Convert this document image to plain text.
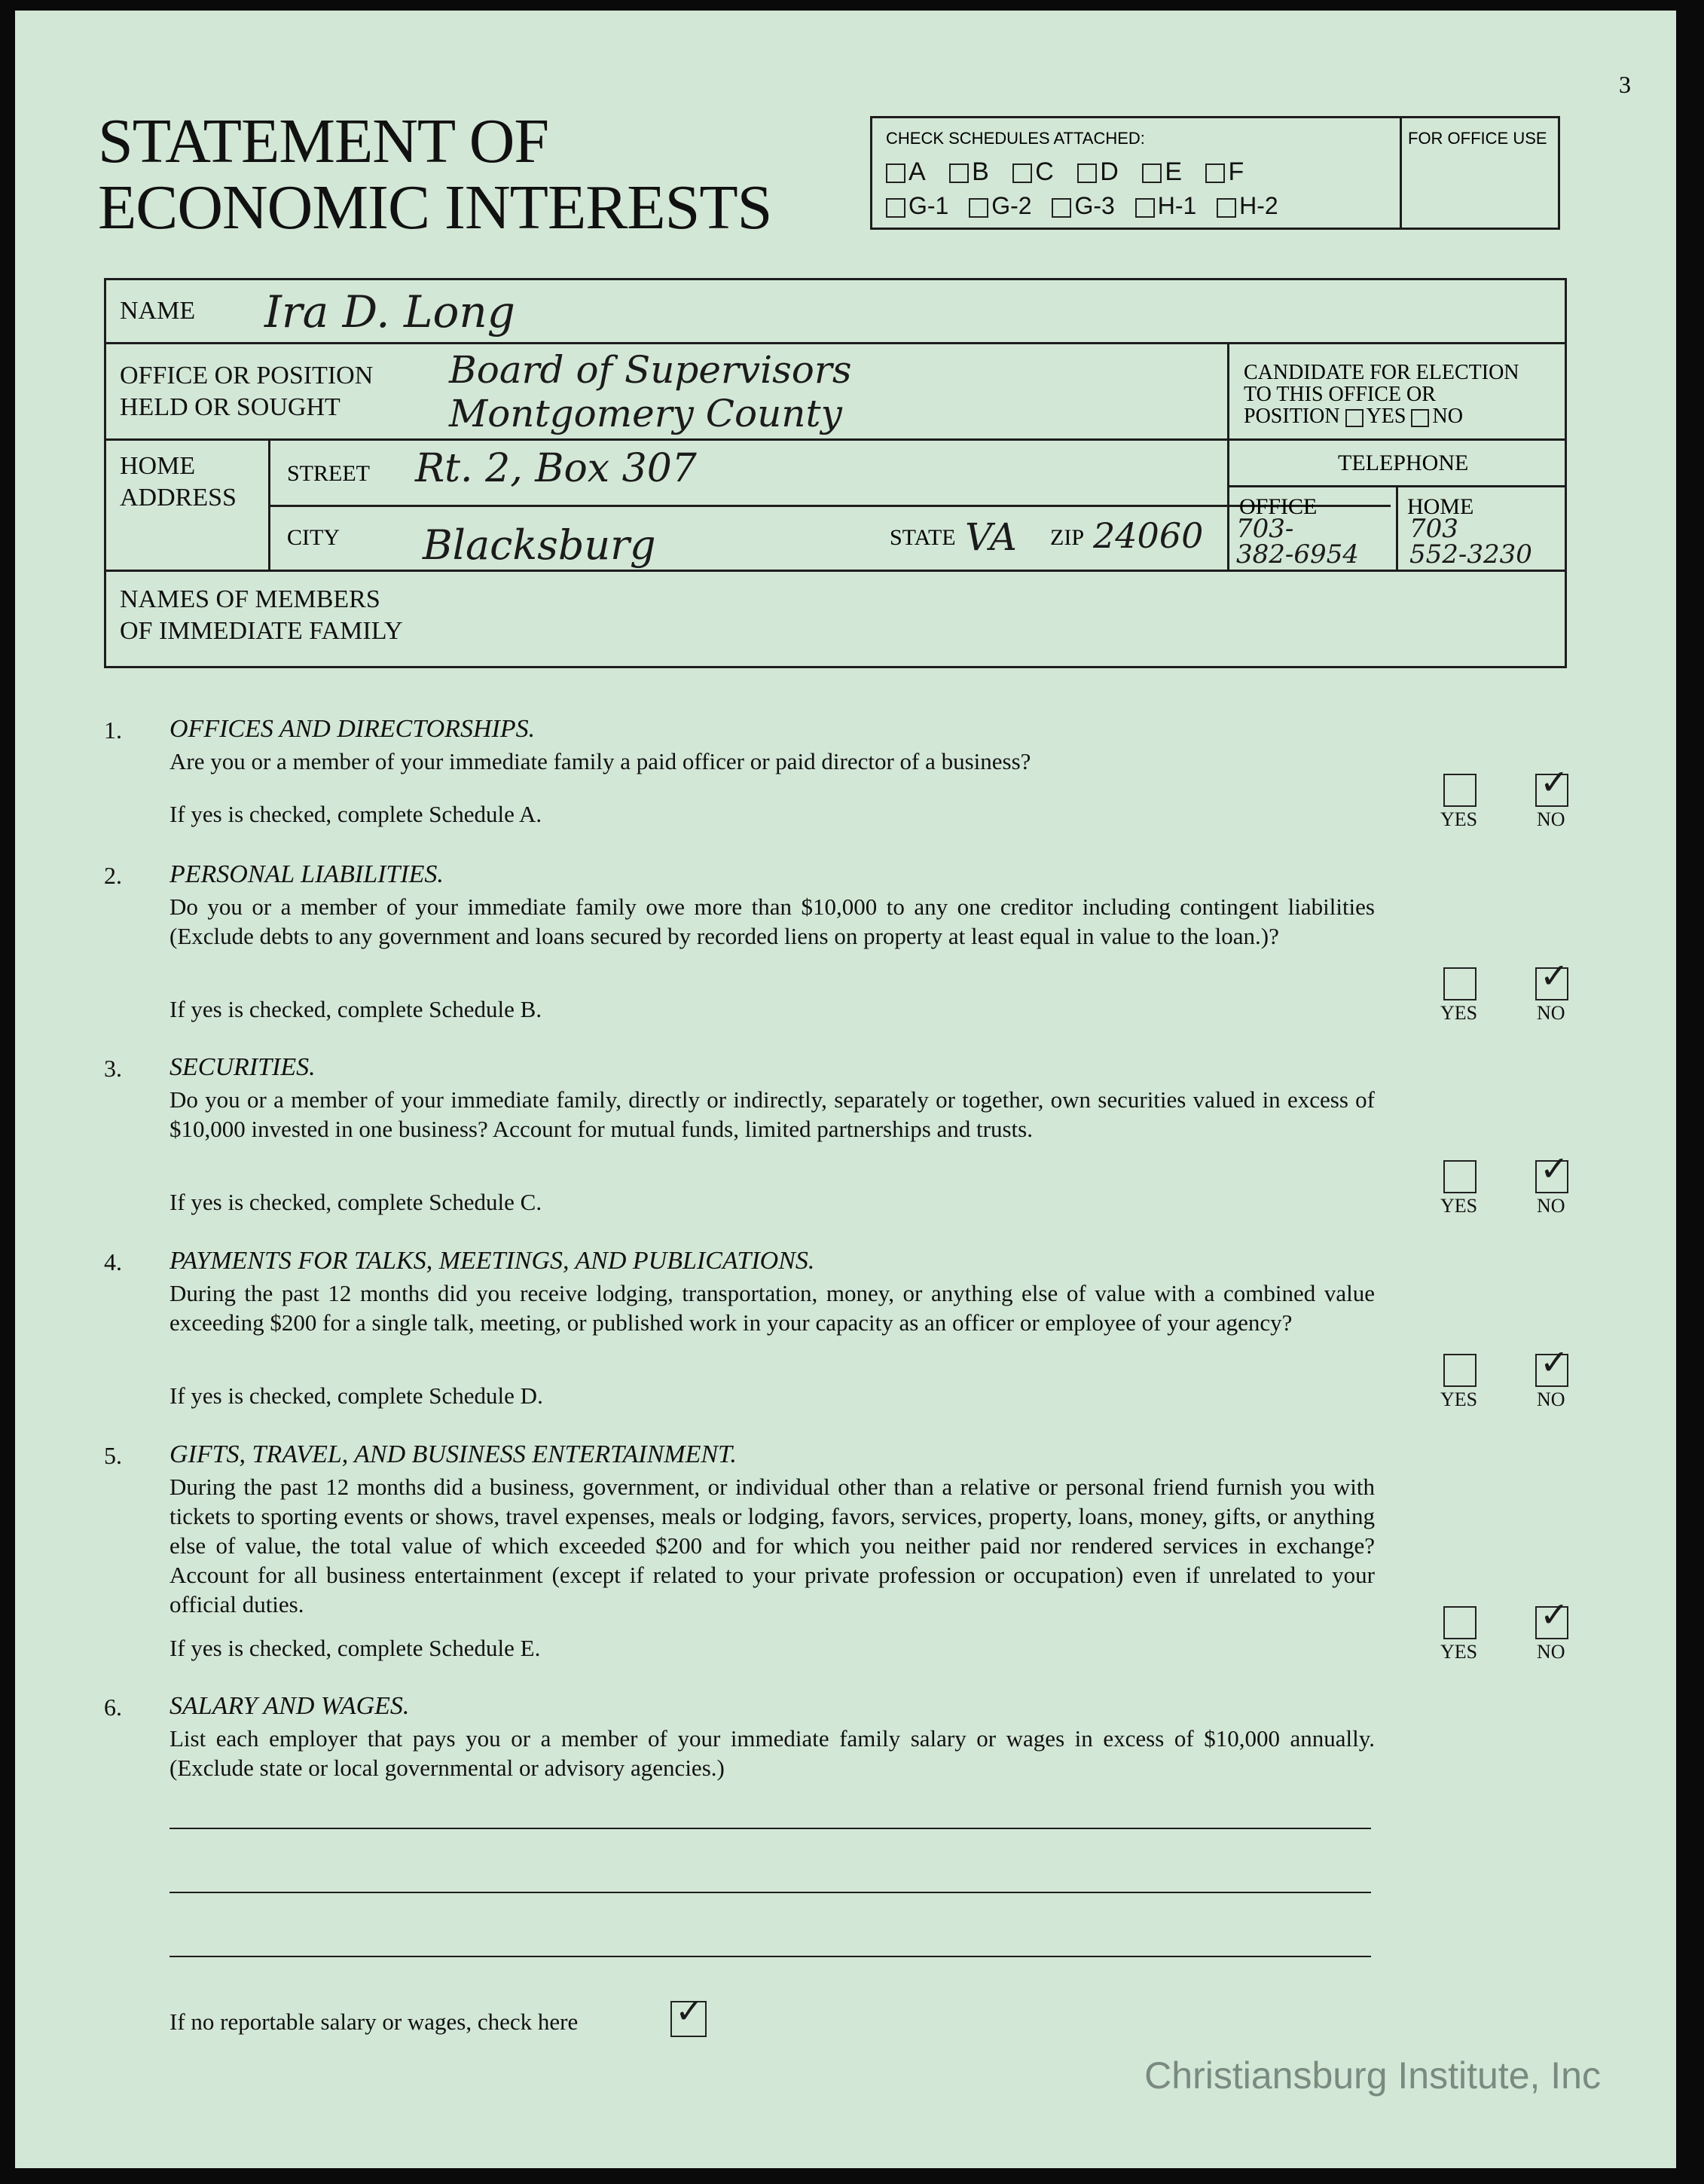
3
STATEMENT OF
ECONOMIC INTERESTS
CHECK SCHEDULES ATTACHED:
A B C D E F
G-1 G-2 G-3 H-1 H-2
FOR OFFICE USE
NAME Ira D. Long
OFFICE OR POSITION
HELD OR SOUGHT
Board of Supervisors
Montgomery County
CANDIDATE FOR ELECTION
TO THIS OFFICE OR
POSITION YES NO
HOME
ADDRESS
STREET Rt. 2, Box 307
CITY Blacksburg	STATE VA ZIP 24060
TELEPHONE
OFFICE
703-
382-6954
HOME
703
552-3230
NAMES OF MEMBERS
OF IMMEDIATE FAMILY
1. OFFICES AND DIRECTORSHIPS.
Are you or a member of your immediate family a paid officer or paid director of a business?
If yes is checked, complete Schedule A.	YES
✓
NO
2. PERSONAL LIABILITIES.
Do you or a member of your immediate family owe more than $10,000 to any one creditor including contingent liabilities (Exclude debts to any government and loans secured by recorded liens on property at least equal in value to the loan.)?
If yes is checked, complete Schedule B.	YES
✓
NO
3. SECURITIES.
Do you or a member of your immediate family, directly or indirectly, separately or together, own securities valued in excess of $10,000 invested in one business? Account for mutual funds, limited partnerships and trusts.
If yes is checked, complete Schedule C.	YES
✓
NO
4. PAYMENTS FOR TALKS, MEETINGS, AND PUBLICATIONS.
During the past 12 months did you receive lodging, transportation, money, or anything else of value with a combined value exceeding $200 for a single talk, meeting, or published work in your capacity as an officer or employee of your agency?
If yes is checked, complete Schedule D.	YES
✓
NO
5. GIFTS, TRAVEL, AND BUSINESS ENTERTAINMENT.
During the past 12 months did a business, government, or individual other than a relative or personal friend furnish you with tickets to sporting events or shows, travel expenses, meals or lodging, favors, services, property, loans, money, gifts, or anything else of value, the total value of which exceeded $200 and for which you neither paid nor rendered services in exchange? Account for all business entertainment (except if related to your private profession or occupation) even if unrelated to your official duties.
If yes is checked, complete Schedule E.	YES
✓
NO
6. SALARY AND WAGES.
List each employer that pays you or a member of your immediate family salary or wages in excess of $10,000 annually. (Exclude state or local governmental or advisory agencies.)
If no reportable salary or wages, check here	✓
Christiansburg Institute, Inc
